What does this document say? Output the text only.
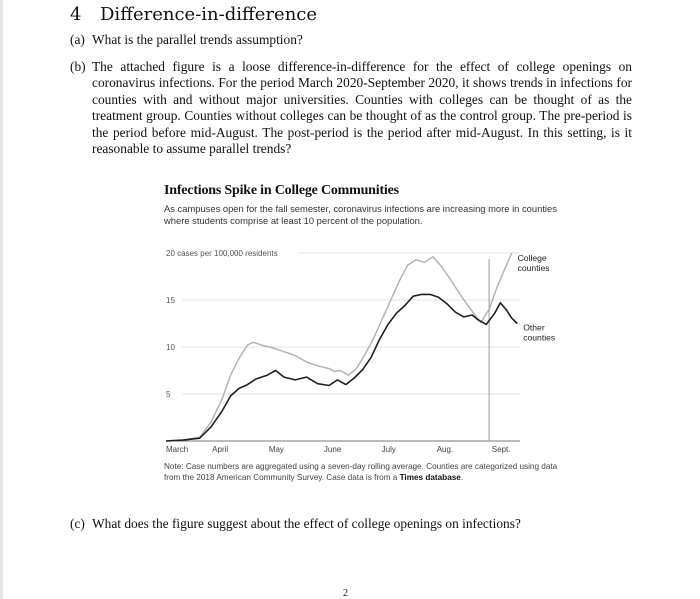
4 Difference-in-difference
(a) What is the parallel trends assumption?
(b) The attached figure is a loose difference-in-difference for the effect of college openings on coronavirus infections. For the period March 2020-September 2020, it shows trends in infections for counties with and without major universities. Counties with colleges can be thought of as the treatment group. Counties without colleges can be thought of as the control group. The pre-period is the period before mid-August. The post-period is the period after mid-August. In this setting, is it reasonable to assume parallel trends?
20 cases per 100,000 residents
15
10
5
March	April	May	June	July	Aug.	Sept.
College
counties
Other
counties
Infections Spike in College Communities
As campuses open for the fall semester, coronavirus infections are increasing more in counties where students comprise at least 10 percent of the population.
Note: Case numbers are aggregated using a seven-day rolling average. Counties are categorized using data from the 2018 American Community Survey. Case data is from a Times database.
(c) What does the figure suggest about the effect of college openings on infections?
2
